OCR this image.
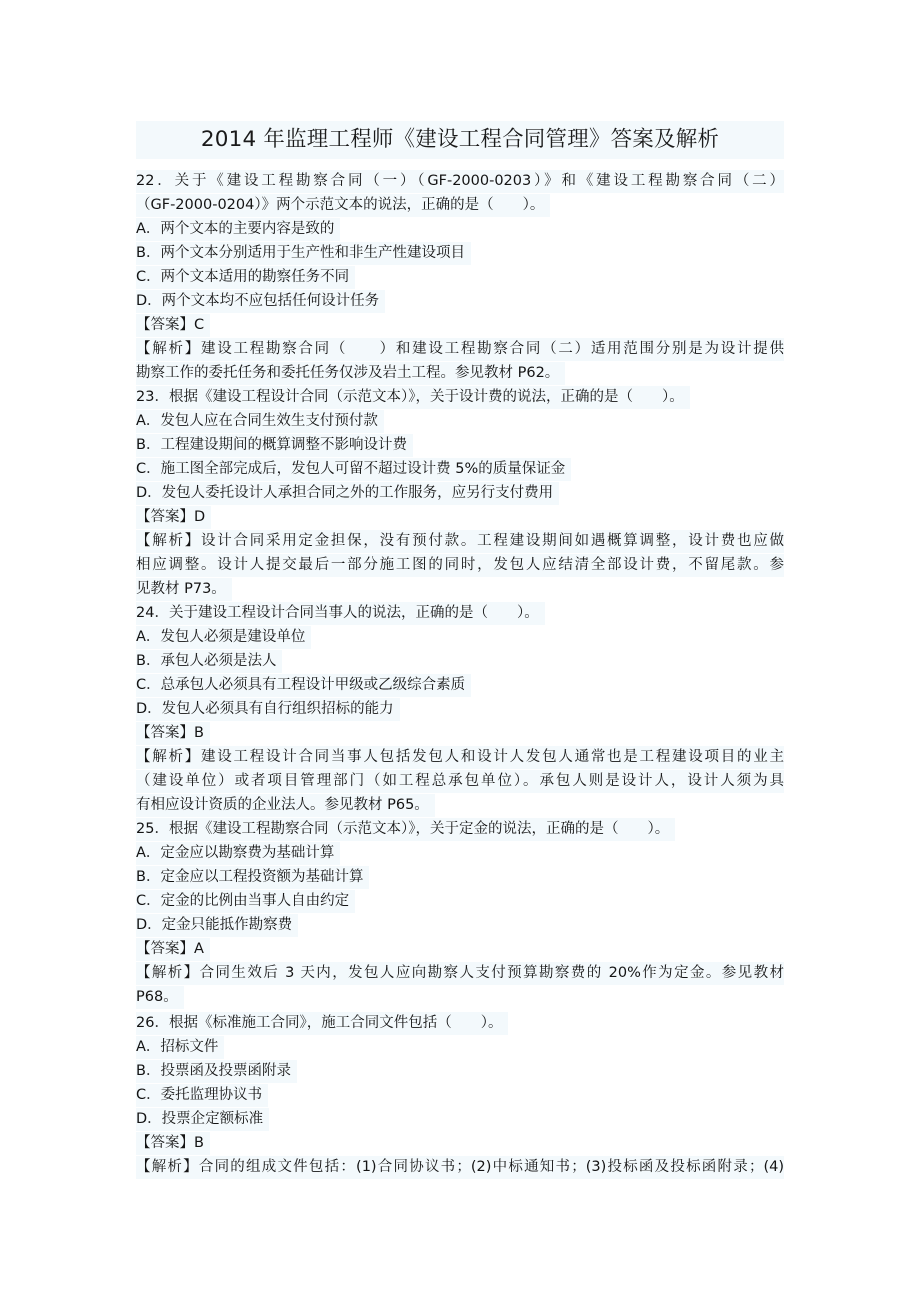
2014 年监理工程师《建设工程合同管理》答案及解析
22．关于《建设工程勘察合同（一）（GF-2000-0203）》和《建设工程勘察合同（二）
（GF-2000-0204）》两个示范文本的说法，正确的是（　　）。
A．两个文本的主要内容是致的
B．两个文本分别适用于生产性和非生产性建设项目
C．两个文本适用的勘察任务不同
D．两个文本均不应包括任何设计任务
【答案】C
【解析】建设工程勘察合同（　　）和建设工程勘察合同（二）适用范围分别是为设计提供
勘察工作的委托任务和委托任务仅涉及岩土工程。参见教材 P62。
23．根据《建设工程设计合同（示范文本）》，关于设计费的说法，正确的是（　　）。
A．发包人应在合同生效生支付预付款
B．工程建设期间的概算调整不影响设计费
C．施工图全部完成后，发包人可留不超过设计费 5%的质量保证金
D．发包人委托设计人承担合同之外的工作服务，应另行支付费用
【答案】D
【解析】设计合同采用定金担保，没有预付款。工程建设期间如遇概算调整，设计费也应做
相应调整。设计人提交最后一部分施工图的同时，发包人应结清全部设计费，不留尾款。参
见教材 P73。
24．关于建设工程设计合同当事人的说法，正确的是（　　）。
A．发包人必须是建设单位
B．承包人必须是法人
C．总承包人必须具有工程设计甲级或乙级综合素质
D．发包人必须具有自行组织招标的能力
【答案】B
【解析】建设工程设计合同当事人包括发包人和设计人发包人通常也是工程建设项目的业主
（建设单位）或者项目管理部门（如工程总承包单位）。承包人则是设计人，设计人须为具
有相应设计资质的企业法人。参见教材 P65。
25．根据《建设工程勘察合同（示范文本）》，关于定金的说法，正确的是（　　）。
A．定金应以勘察费为基础计算
B．定金应以工程投资额为基础计算
C．定金的比例由当事人自由约定
D．定金只能抵作勘察费
【答案】A
【解析】合同生效后 3 天内，发包人应向勘察人支付预算勘察费的 20%作为定金。参见教材
P68。
26．根据《标准施工合同》，施工合同文件包括（　　）。
A．招标文件
B．投票函及投票函附录
C．委托监理协议书
D．投票企定额标准
【答案】B
【解析】合同的组成文件包括：(1)合同协议书；(2)中标通知书；(3)投标函及投标函附录；(4)
